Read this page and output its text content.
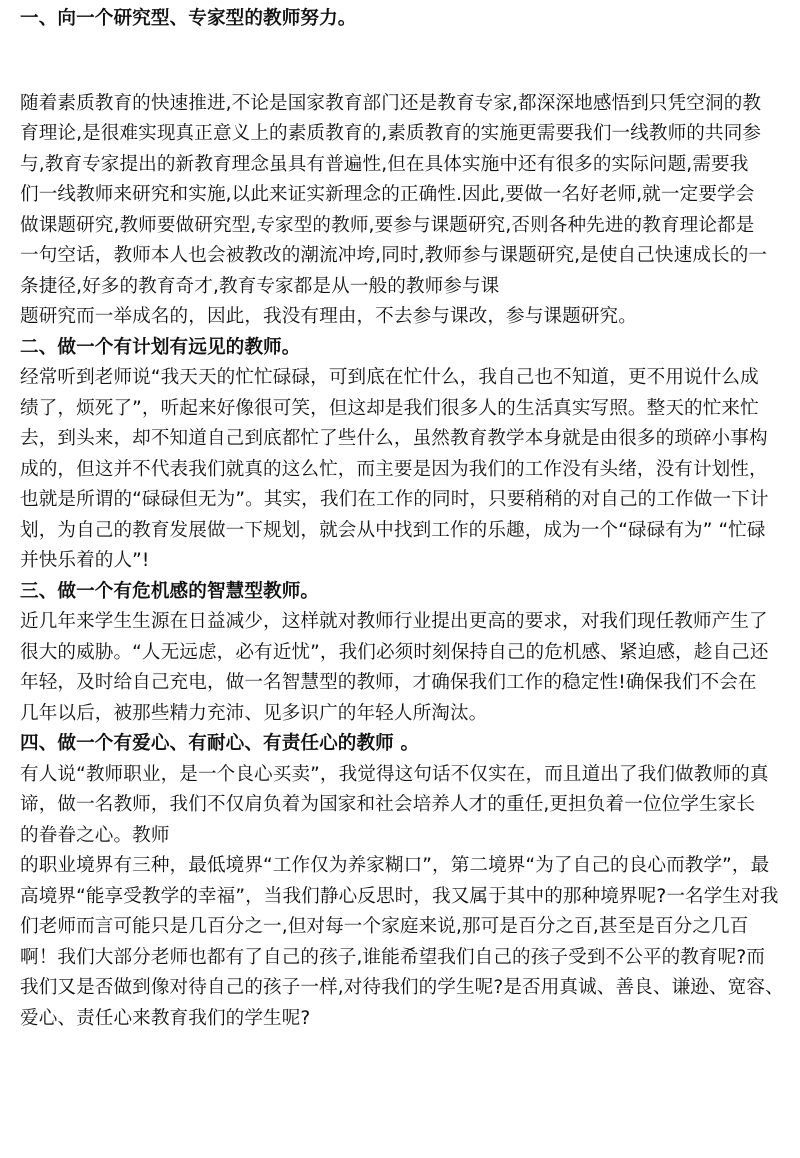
一、向一个研究型、专家型的教师努力。
随着素质教育的快速推进,不论是国家教育部门还是教育专家,都深深地感悟到只凭空洞的教
育理论,是很难实现真正意义上的素质教育的,素质教育的实施更需要我们一线教师的共同参
与,教育专家提出的新教育理念虽具有普遍性,但在具体实施中还有很多的实际问题,需要我
们一线教师来研究和实施,以此来证实新理念的正确性.因此,要做一名好老师,就一定要学会
做课题研究,教师要做研究型,专家型的教师,要参与课题研究,否则各种先进的教育理论都是
一句空话，教师本人也会被教改的潮流冲垮,同时,教师参与课题研究,是使自己快速成长的一
条捷径,好多的教育奇才,教育专家都是从一般的教师参与课
题研究而一举成名的，因此，我没有理由，不去参与课改，参与课题研究。
二、做一个有计划有远见的教师。
经常听到老师说“我天天的忙忙碌碌，可到底在忙什么，我自己也不知道，更不用说什么成
绩了，烦死了”，听起来好像很可笑，但这却是我们很多人的生活真实写照。整天的忙来忙
去，到头来，却不知道自己到底都忙了些什么，虽然教育教学本身就是由很多的琐碎小事构
成的，但这并不代表我们就真的这么忙，而主要是因为我们的工作没有头绪，没有计划性，
也就是所谓的“碌碌但无为”。其实，我们在工作的同时，只要稍稍的对自己的工作做一下计
划，为自己的教育发展做一下规划，就会从中找到工作的乐趣，成为一个“碌碌有为” “忙碌
并快乐着的人”!
三、做一个有危机感的智慧型教师。
近几年来学生生源在日益减少，这样就对教师行业提出更高的要求，对我们现任教师产生了
很大的威胁。“人无远虑，必有近忧”，我们必须时刻保持自己的危机感、紧迫感，趁自己还
年轻，及时给自己充电，做一名智慧型的教师，才确保我们工作的稳定性!确保我们不会在
几年以后，被那些精力充沛、见多识广的年轻人所淘汰。
四、做一个有爱心、有耐心、有责任心的教师 。
有人说“教师职业，是一个良心买卖”，我觉得这句话不仅实在，而且道出了我们做教师的真
谛，做一名教师，我们不仅肩负着为国家和社会培养人才的重任,更担负着一位位学生家长
的眷眷之心。教师
的职业境界有三种，最低境界“工作仅为养家糊口”，第二境界“为了自己的良心而教学”，最
高境界“能享受教学的幸福”，当我们静心反思时，我又属于其中的那种境界呢?一名学生对我
们老师而言可能只是几百分之一,但对每一个家庭来说,那可是百分之百,甚至是百分之几百
啊！我们大部分老师也都有了自己的孩子,谁能希望我们自己的孩子受到不公平的教育呢?而
我们又是否做到像对待自己的孩子一样,对待我们的学生呢?是否用真诚、善良、谦逊、宽容、
爱心、责任心来教育我们的学生呢?
